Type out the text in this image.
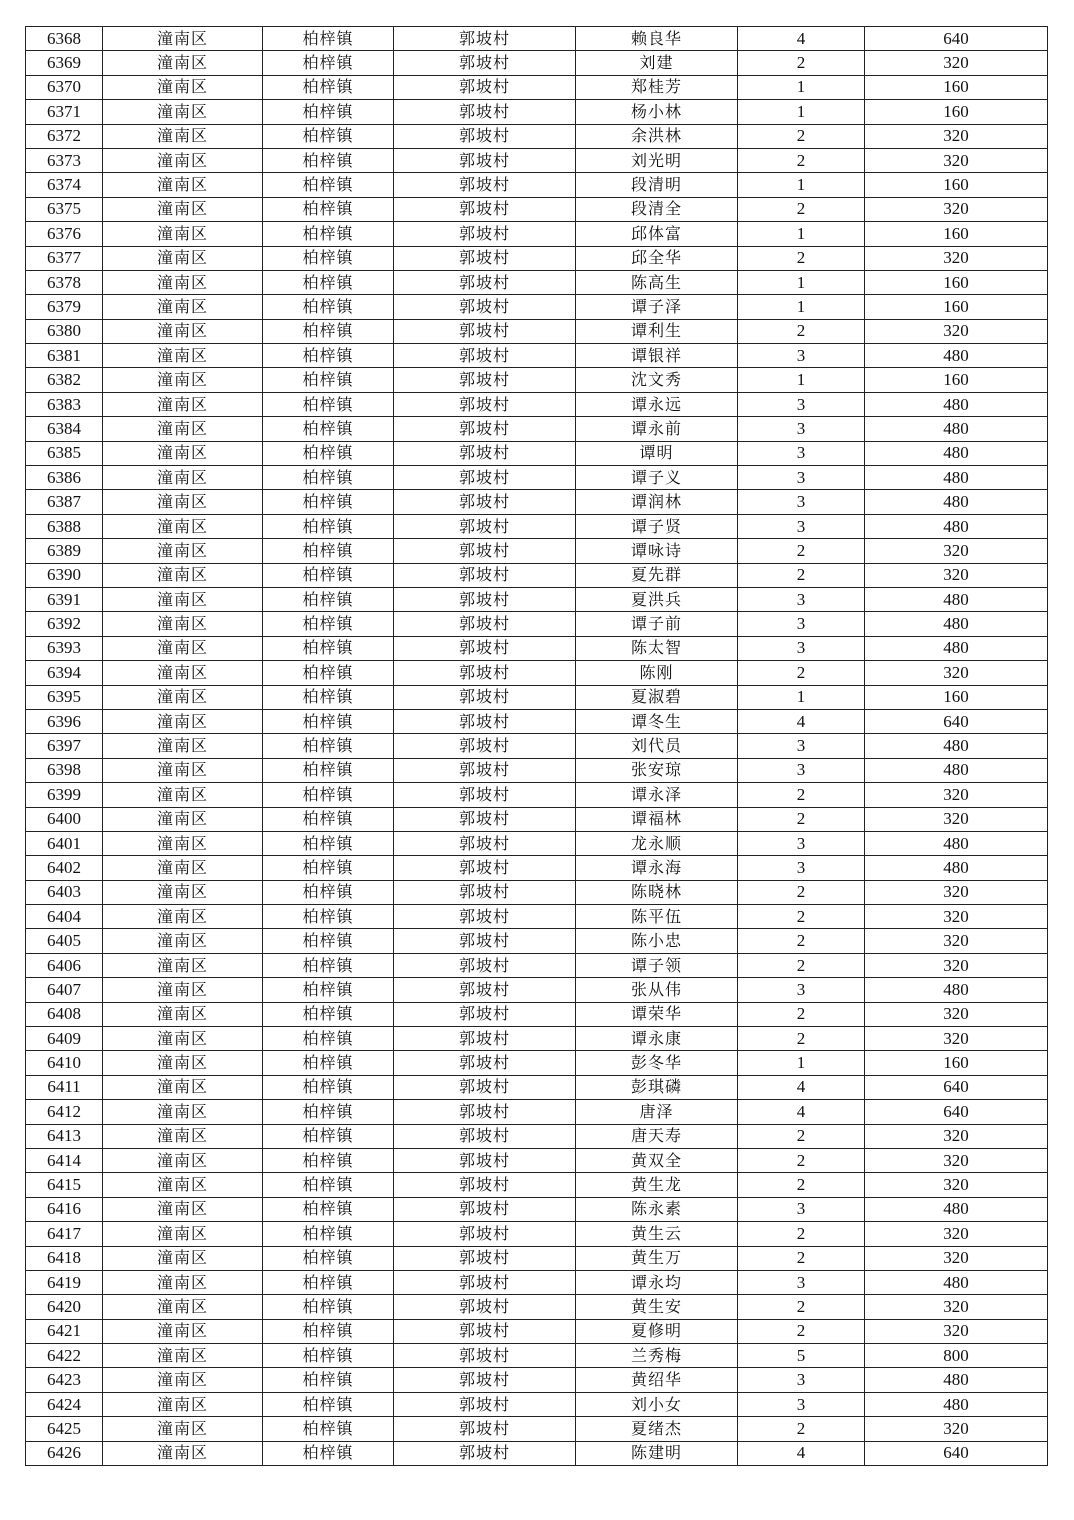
6368	潼南区	柏梓镇	郭坡村	赖良华	4	640
6369	潼南区	柏梓镇	郭坡村	刘建	2	320
6370	潼南区	柏梓镇	郭坡村	郑桂芳	1	160
6371	潼南区	柏梓镇	郭坡村	杨小林	1	160
6372	潼南区	柏梓镇	郭坡村	余洪林	2	320
6373	潼南区	柏梓镇	郭坡村	刘光明	2	320
6374	潼南区	柏梓镇	郭坡村	段清明	1	160
6375	潼南区	柏梓镇	郭坡村	段清全	2	320
6376	潼南区	柏梓镇	郭坡村	邱体富	1	160
6377	潼南区	柏梓镇	郭坡村	邱全华	2	320
6378	潼南区	柏梓镇	郭坡村	陈高生	1	160
6379	潼南区	柏梓镇	郭坡村	谭子泽	1	160
6380	潼南区	柏梓镇	郭坡村	谭利生	2	320
6381	潼南区	柏梓镇	郭坡村	谭银祥	3	480
6382	潼南区	柏梓镇	郭坡村	沈文秀	1	160
6383	潼南区	柏梓镇	郭坡村	谭永远	3	480
6384	潼南区	柏梓镇	郭坡村	谭永前	3	480
6385	潼南区	柏梓镇	郭坡村	谭明	3	480
6386	潼南区	柏梓镇	郭坡村	谭子义	3	480
6387	潼南区	柏梓镇	郭坡村	谭润林	3	480
6388	潼南区	柏梓镇	郭坡村	谭子贤	3	480
6389	潼南区	柏梓镇	郭坡村	谭咏诗	2	320
6390	潼南区	柏梓镇	郭坡村	夏先群	2	320
6391	潼南区	柏梓镇	郭坡村	夏洪兵	3	480
6392	潼南区	柏梓镇	郭坡村	谭子前	3	480
6393	潼南区	柏梓镇	郭坡村	陈太智	3	480
6394	潼南区	柏梓镇	郭坡村	陈刚	2	320
6395	潼南区	柏梓镇	郭坡村	夏淑碧	1	160
6396	潼南区	柏梓镇	郭坡村	谭冬生	4	640
6397	潼南区	柏梓镇	郭坡村	刘代员	3	480
6398	潼南区	柏梓镇	郭坡村	张安琼	3	480
6399	潼南区	柏梓镇	郭坡村	谭永泽	2	320
6400	潼南区	柏梓镇	郭坡村	谭福林	2	320
6401	潼南区	柏梓镇	郭坡村	龙永顺	3	480
6402	潼南区	柏梓镇	郭坡村	谭永海	3	480
6403	潼南区	柏梓镇	郭坡村	陈晓林	2	320
6404	潼南区	柏梓镇	郭坡村	陈平伍	2	320
6405	潼南区	柏梓镇	郭坡村	陈小忠	2	320
6406	潼南区	柏梓镇	郭坡村	谭子领	2	320
6407	潼南区	柏梓镇	郭坡村	张从伟	3	480
6408	潼南区	柏梓镇	郭坡村	谭荣华	2	320
6409	潼南区	柏梓镇	郭坡村	谭永康	2	320
6410	潼南区	柏梓镇	郭坡村	彭冬华	1	160
6411	潼南区	柏梓镇	郭坡村	彭琪磷	4	640
6412	潼南区	柏梓镇	郭坡村	唐泽	4	640
6413	潼南区	柏梓镇	郭坡村	唐天寿	2	320
6414	潼南区	柏梓镇	郭坡村	黄双全	2	320
6415	潼南区	柏梓镇	郭坡村	黄生龙	2	320
6416	潼南区	柏梓镇	郭坡村	陈永素	3	480
6417	潼南区	柏梓镇	郭坡村	黄生云	2	320
6418	潼南区	柏梓镇	郭坡村	黄生万	2	320
6419	潼南区	柏梓镇	郭坡村	谭永均	3	480
6420	潼南区	柏梓镇	郭坡村	黄生安	2	320
6421	潼南区	柏梓镇	郭坡村	夏修明	2	320
6422	潼南区	柏梓镇	郭坡村	兰秀梅	5	800
6423	潼南区	柏梓镇	郭坡村	黄绍华	3	480
6424	潼南区	柏梓镇	郭坡村	刘小女	3	480
6425	潼南区	柏梓镇	郭坡村	夏绪杰	2	320
6426	潼南区	柏梓镇	郭坡村	陈建明	4	640
